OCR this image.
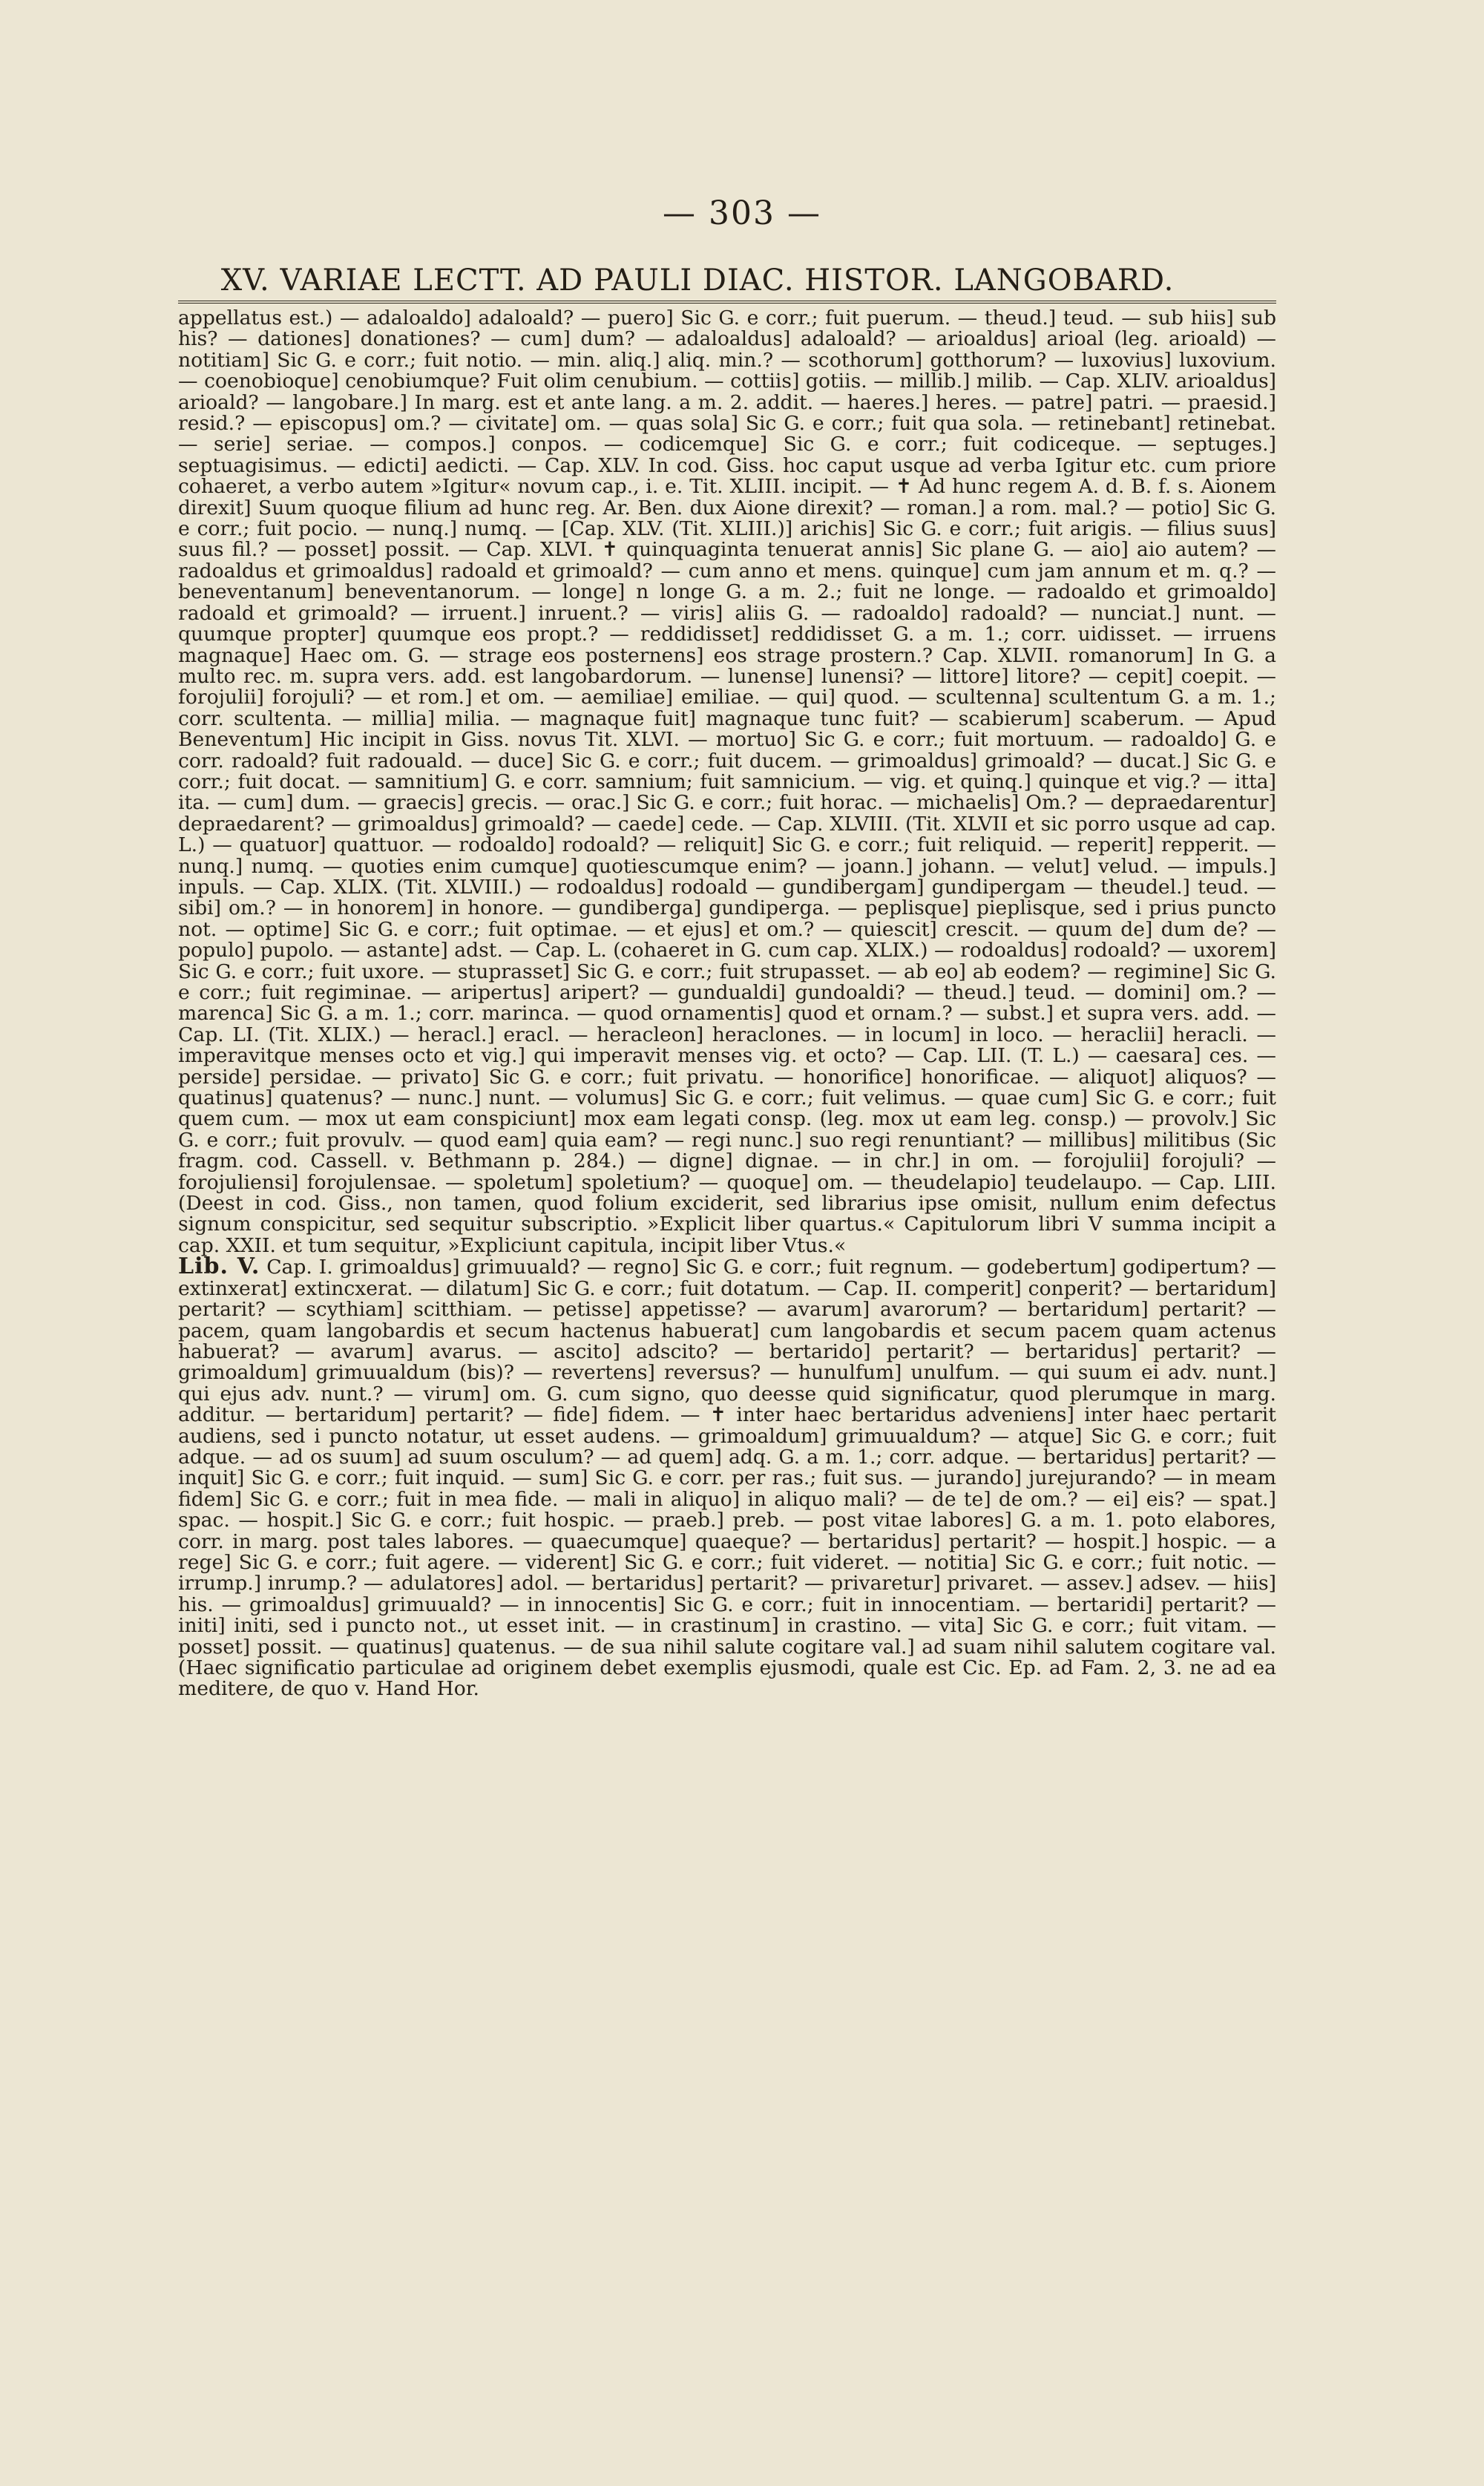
— 303 —
XV. VARIAE LECTT. AD PAULI DIAC. HISTOR. LANGOBARD.

appellatus est.) — adaloaldo] adaloald? — puero] Sic G. e corr.; fuit puerum. — theud.] teud. — sub hiis] sub his? — dationes] donationes? — cum] dum? — adaloaldus] adaloald? — arioaldus] arioal (leg. arioald) — notitiam] Sic G. e corr.; fuit notio. — min. aliq.] aliq. min.? — scothorum] gotthorum? — luxovius] luxovium. — coenobioque] cenobiumque? Fuit olim cenubium. — cottiis] gotiis. — millib.] milib. — Cap. XLIV. arioaldus] arioald? — langobare.] In marg. est et ante lang. a m. 2. addit. — haeres.] heres. — patre] patri. — praesid.] resid.? — episcopus] om.? — civitate] om. — quas sola] Sic G. e corr.; fuit qua sola. — retinebant] retinebat. — serie] seriae. — compos.] conpos. — codicemque] Sic G. e corr.; fuit codiceque. — septuges.] septuagisimus. — edicti] aedicti. — Cap. XLV. In cod. Giss. hoc caput usque ad verba Igitur etc. cum priore cohaeret, a verbo autem »Igitur« novum cap., i. e. Tit. XLIII. incipit. — ✝ Ad hunc regem A. d. B. f. s. Aionem direxit] Suum quoque filium ad hunc reg. Ar. Ben. dux Aione direxit? — roman.] a rom. mal.? — potio] Sic G. e corr.; fuit pocio. — nunq.] numq. — [Cap. XLV. (Tit. XLIII.)] arichis] Sic G. e corr.; fuit arigis. — filius suus] suus fil.? — posset] possit. — Cap. XLVI. ✝ quinquaginta tenuerat annis] Sic plane G. — aio] aio autem? — radoaldus et grimoaldus] radoald et grimoald? — cum anno et mens. quinque] cum jam annum et m. q.? — beneventanum] beneventanorum. — longe] n longe G. a m. 2.; fuit ne longe. — radoaldo et grimoaldo] radoald et grimoald? — irruent.] inruent.? — viris] aliis G. — radoaldo] radoald? — nunciat.] nunt. — quumque propter] quumque eos propt.? — reddidisset] reddidisset G. a m. 1.; corr. uidisset. — irruens magnaque] Haec om. G. — strage eos posternens] eos strage prostern.? Cap. XLVII. romanorum] In G. a multo rec. m. supra vers. add. est langobardorum. — lunense] lunensi? — littore] litore? — cepit] coepit. — forojulii] forojuli? — et rom.] et om. — aemiliae] emiliae. — qui] quod. — scultenna] scultentum G. a m. 1.; corr. scultenta. — millia] milia. — magnaque fuit] magnaque tunc fuit? — scabierum] scaberum. — Apud Beneventum] Hic incipit in Giss. novus Tit. XLVI. — mortuo] Sic G. e corr.; fuit mortuum. — radoaldo] G. e corr. radoald? fuit radouald. — duce] Sic G. e corr.; fuit ducem. — grimoaldus] grimoald? — ducat.] Sic G. e corr.; fuit docat. — samnitium] G. e corr. samnium; fuit samnicium. — vig. et quinq.] quinque et vig.? — itta] ita. — cum] dum. — graecis] grecis. — orac.] Sic G. e corr.; fuit horac. — michaelis] Om.? — depraedarentur] depraedarent? — grimoaldus] grimoald? — caede] cede. — Cap. XLVIII. (Tit. XLVII et sic porro usque ad cap. L.) — quatuor] quattuor. — rodoaldo] rodoald? — reliquit] Sic G. e corr.; fuit reliquid. — reperit] repperit. — nunq.] numq. — quoties enim cumque] quotiescumque enim? — joann.] johann. — velut] velud. — impuls.] inpuls. — Cap. XLIX. (Tit. XLVIII.) — rodoaldus] rodoald — gundibergam] gundipergam — theudel.] teud. — sibi] om.? — in honorem] in honore. — gundiberga] gundiperga. — peplisque] pieplisque, sed i prius puncto not. — optime] Sic G. e corr.; fuit optimae. — et ejus] et om.? — quiescit] crescit. — quum de] dum de? — populo] pupolo. — astante] adst. — Cap. L. (cohaeret in G. cum cap. XLIX.) — rodoaldus] rodoald? — uxorem] Sic G. e corr.; fuit uxore. — stuprasset] Sic G. e corr.; fuit strupasset. — ab eo] ab eodem? — regimine] Sic G. e corr.; fuit regiminae. — aripertus] aripert? — gundualdi] gundoaldi? — theud.] teud. — domini] om.? — marenca] Sic G. a m. 1.; corr. marinca. — quod ornamentis] quod et ornam.? — subst.] et supra vers. add. — Cap. LI. (Tit. XLIX.) — heracl.] eracl. — heracleon] heraclones. — in locum] in loco. — heraclii] heracli. — imperavitque menses octo et vig.] qui imperavit menses vig. et octo? — Cap. LII. (T. L.) — caesara] ces. — perside] persidae. — privato] Sic G. e corr.; fuit privatu. — honorifice] honorificae. — aliquot] aliquos? — quatinus] quatenus? — nunc.] nunt. — volumus] Sic G. e corr.; fuit velimus. — quae cum] Sic G. e corr.; fuit quem cum. — mox ut eam conspiciunt] mox eam legati consp. (leg. mox ut eam leg. consp.) — provolv.] Sic G. e corr.; fuit provulv. — quod eam] quia eam? — regi nunc.] suo regi renuntiant? — millibus] militibus (Sic fragm. cod. Cassell. v. Bethmann p. 284.) — digne] dignae. — in chr.] in om. — forojulii] forojuli? — forojuliensi] forojulensae. — spoletum] spoletium? — quoque] om. — theudelapio] teudelaupo. — Cap. LIII. (Deest in cod. Giss., non tamen, quod folium exciderit, sed librarius ipse omisit, nullum enim defectus signum conspicitur, sed sequitur subscriptio. »Explicit liber quartus.« Capitulorum libri V summa incipit a cap. XXII. et tum sequitur, »Expliciunt capitula, incipit liber Vtus.«

Lib. V. Cap. I. grimoaldus] grimuuald? — regno] Sic G. e corr.; fuit regnum. — godebertum] godipertum? — extinxerat] extincxerat. — dilatum] Sic G. e corr.; fuit dotatum. — Cap. II. comperit] conperit? — bertaridum] pertarit? — scythiam] scitthiam. — petisse] appetisse? — avarum] avarorum? — bertaridum] pertarit? — pacem, quam langobardis et secum hactenus habuerat] cum langobardis et secum pacem quam actenus habuerat? — avarum] avarus. — ascito] adscito? — bertarido] pertarit? — bertaridus] pertarit? — grimoaldum] grimuualdum (bis)? — revertens] reversus? — hunulfum] unulfum. — qui suum ei adv. nunt.] qui ejus adv. nunt.? — virum] om. G. cum signo, quo deesse quid significatur, quod plerumque in marg. additur. — bertaridum] pertarit? — fide] fidem. — ✝ inter haec bertaridus adveniens] inter haec pertarit audiens, sed i puncto notatur, ut esset audens. — grimoaldum] grimuualdum? — atque] Sic G. e corr.; fuit adque. — ad os suum] ad suum osculum? — ad quem] adq. G. a m. 1.; corr. adque. — bertaridus] pertarit? — inquit] Sic G. e corr.; fuit inquid. — sum] Sic G. e corr. per ras.; fuit sus. — jurando] jurejurando? — in meam fidem] Sic G. e corr.; fuit in mea fide. — mali in aliquo] in aliquo mali? — de te] de om.? — ei] eis? — spat.] spac. — hospit.] Sic G. e corr.; fuit hospic. — praeb.] preb. — post vitae labores] G. a m. 1. poto elabores, corr. in marg. post tales labores. — quaecumque] quaeque? — bertaridus] pertarit? — hospit.] hospic. — a rege] Sic G. e corr.; fuit agere. — viderent] Sic G. e corr.; fuit videret. — notitia] Sic G. e corr.; fuit notic. — irrump.] inrump.? — adulatores] adol. — bertaridus] pertarit? — privaretur] privaret. — assev.] adsev. — hiis] his. — grimoaldus] grimuuald? — in innocentis] Sic G. e corr.; fuit in innocentiam. — bertaridi] pertarit? — initi] initi, sed i puncto not., ut esset init. — in crastinum] in crastino. — vita] Sic G. e corr.; fuit vitam. — posset] possit. — quatinus] quatenus. — de sua nihil salute cogitare val.] ad suam nihil salutem cogitare val. (Haec significatio particulae ad originem debet exemplis ejusmodi, quale est Cic. Ep. ad Fam. 2, 3. ne ad ea meditere, de quo v. Hand Hor.
